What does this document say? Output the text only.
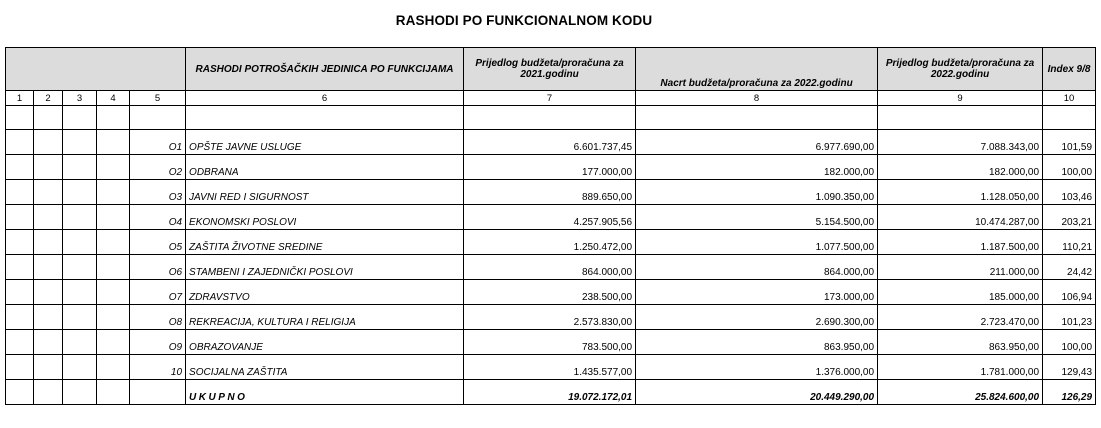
RASHODI PO FUNKCIONALNOM KODU
					RASHODI POTROŠAČKIH JEDINICA PO FUNKCIJAMA	Prijedlog budžeta/proračuna za 2021.godinu	Nacrt budžeta/proračuna za 2022.godinu	Prijedlog budžeta/proračuna za 2022.godinu	Index 9/8
1	2	3	4	5	6	7	8	9	10

				O1	OPŠTE JAVNE USLUGE	6.601.737,45	6.977.690,00	7.088.343,00	101,59
				O2	ODBRANA	177.000,00	182.000,00	182.000,00	100,00
				O3	JAVNI RED I SIGURNOST	889.650,00	1.090.350,00	1.128.050,00	103,46
				O4	EKONOMSKI POSLOVI	4.257.905,56	5.154.500,00	10.474.287,00	203,21
				O5	ZAŠTITA ŽIVOTNE SREDINE	1.250.472,00	1.077.500,00	1.187.500,00	110,21
				O6	STAMBENI I ZAJEDNIČKI POSLOVI	864.000,00	864.000,00	211.000,00	24,42
				O7	ZDRAVSTVO	238.500,00	173.000,00	185.000,00	106,94
				O8	REKREACIJA, KULTURA I RELIGIJA	2.573.830,00	2.690.300,00	2.723.470,00	101,23
				O9	OBRAZOVANJE	783.500,00	863.950,00	863.950,00	100,00
				10	SOCIJALNA ZAŠTITA	1.435.577,00	1.376.000,00	1.781.000,00	129,43
					UKUPNO	19.072.172,01	20.449.290,00	25.824.600,00	126,29
